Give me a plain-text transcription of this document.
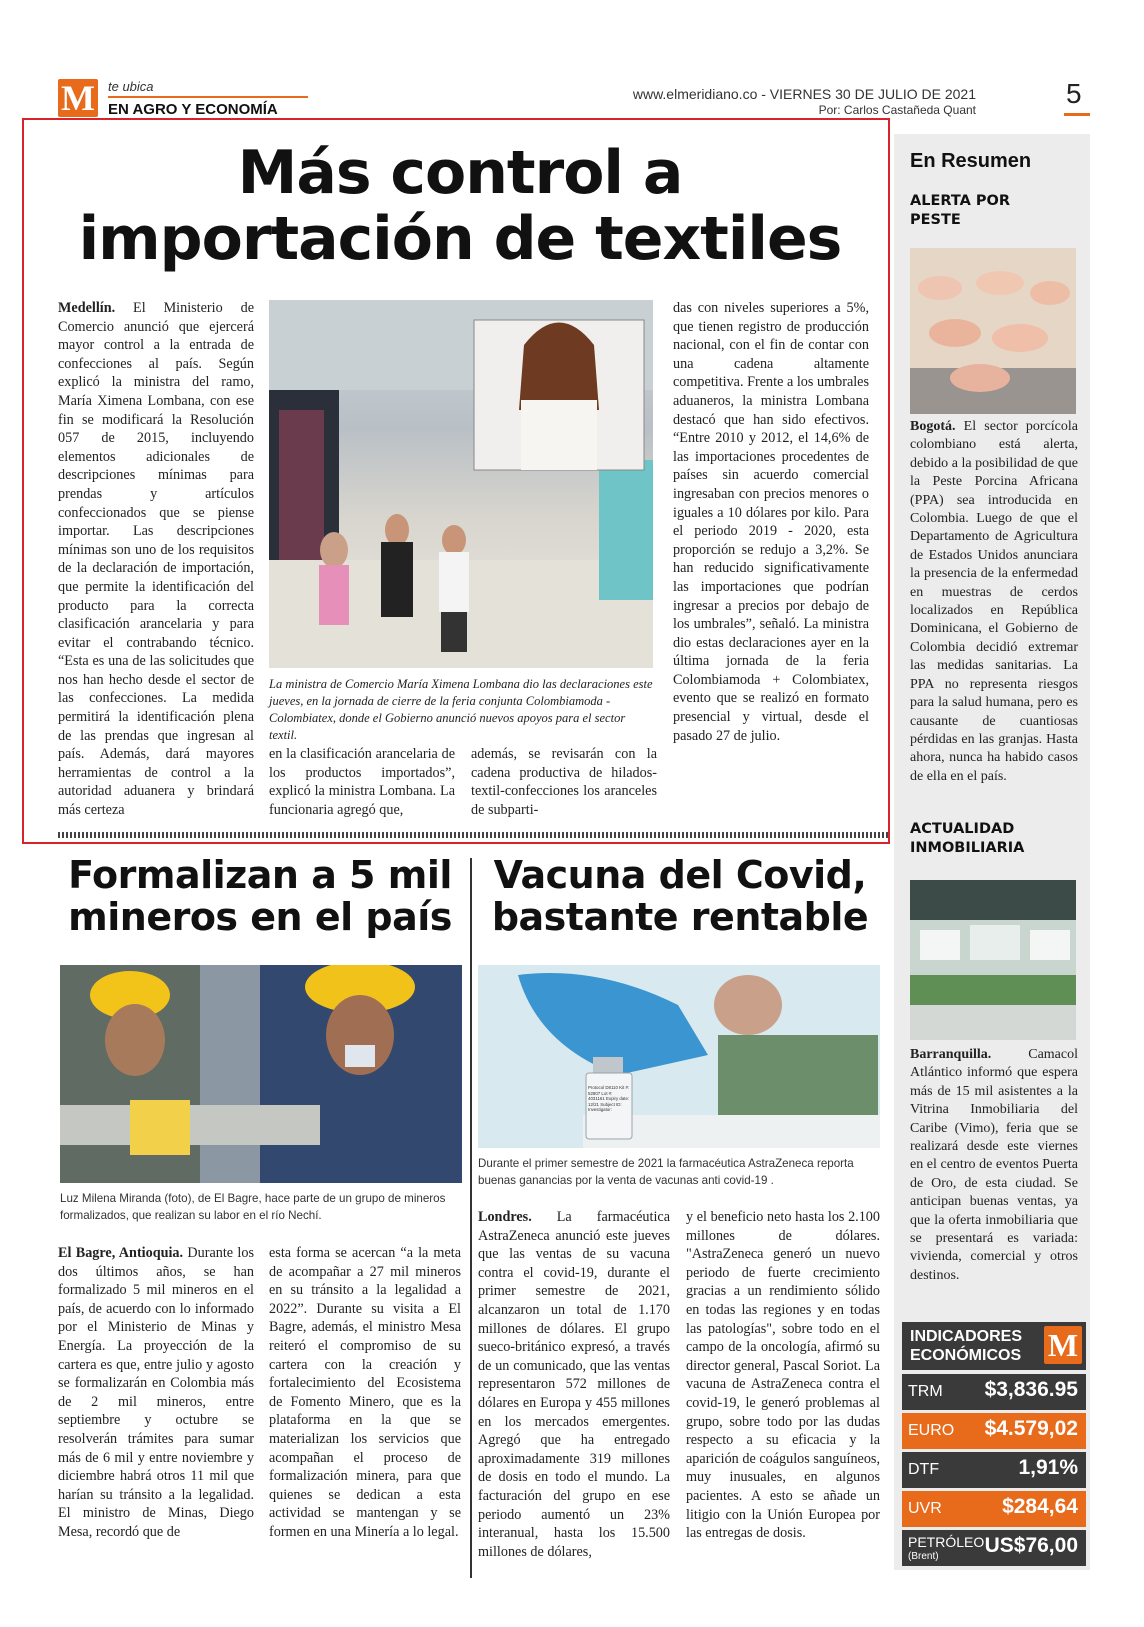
M te ubica
EN AGRO Y ECONOMÍA
www.elmeridiano.co - VIERNES 30 DE JULIO DE 2021
Por: Carlos Castañeda Quant
5
Más control a
importación de textiles
Medellín. El Ministerio de Comercio anunció que ejercerá mayor control a la entrada de confecciones al país. Según explicó la ministra del ramo, María Ximena Lombana, con ese fin se modificará la Resolución 057 de 2015, incluyendo elementos adicionales de descripciones mínimas para prendas y artículos confeccionados que se piense importar. Las descripciones mínimas son uno de los requisitos de la declaración de importación, que permite la identificación del producto para la correcta clasificación arancelaria y para evitar el contrabando técnico. “Esta es una de las solicitudes que nos han hecho desde el sector de las confecciones. La medida permitirá la identificación plena de las prendas que ingresan al país. Además, dará mayores herramientas de control a la autoridad aduanera y brindará más certeza
La ministra de Comercio María Ximena Lombana dio las declaraciones este jueves, en la jornada de cierre de la feria conjunta Colombiamoda - Colombiatex, donde el Gobierno anunció nuevos apoyos para el sector textil.
en la clasificación arancelaria de los productos importados”, explicó la ministra Lombana. La funcionaria agregó que,
además, se revisarán con la cadena productiva de hilados-textil-confecciones los aranceles de subparti-
das con niveles superiores a 5%, que tienen registro de producción nacional, con el fin de contar con una cadena altamente competitiva. Frente a los umbrales aduaneros, la ministra Lombana destacó que han sido efectivos. “Entre 2010 y 2012, el 14,6% de las importaciones procedentes de países sin acuerdo comercial ingresaban con precios menores o iguales a 10 dólares por kilo. Para el periodo 2019 - 2020, esta proporción se redujo a 3,2%. Se han reducido significativamente las importaciones que podrían ingresar a precios por debajo de los umbrales”, señaló. La ministra dio estas declaraciones ayer en la última jornada de la feria Colombiamoda + Colombiatex, evento que se realizó en formato presencial y virtual, desde el pasado 27 de julio.
Formalizan a 5 mil mineros en el país
Luz Milena Miranda (foto), de El Bagre, hace parte de un grupo de mineros formalizados, que realizan su labor en el río Nechí.
El Bagre, Antioquia. Durante los dos últimos años, se han formalizado 5 mil mineros en el país, de acuerdo con lo informado por el Ministerio de Minas y Energía. La proyección de la cartera es que, entre julio y agosto se formalizarán en Colombia más de 2 mil mineros, entre septiembre y octubre se resolverán trámites para sumar más de 6 mil y entre noviembre y diciembre habrá otros 11 mil que harían su tránsito a la legalidad. El ministro de Minas, Diego Mesa, recordó que de
esta forma se acercan “a la meta de acompañar a 27 mil mineros en su tránsito a la legalidad a 2022”. Durante su visita a El Bagre, además, el ministro Mesa reiteró el compromiso de su cartera con la creación y fortalecimiento del Ecosistema de Fomento Minero, que es la plataforma en la que se materializan los servicios que acompañan el proceso de formalización minera, para que quienes se dedican a esta actividad se mantengan y se formen en una Minería a lo legal.
Vacuna del Covid, bastante rentable
Protocol D8110 Kit #: 52807 Lot #: 4031161 Expiry date: 12/21 Subject ID: Investigator:
Durante el primer semestre de 2021 la farmacéutica AstraZeneca reporta buenas ganancias por la venta de vacunas anti covid-19 .
Londres. La farmacéutica AstraZeneca anunció este jueves que las ventas de su vacuna contra el covid-19, durante el primer semestre de 2021, alcanzaron un total de 1.170 millones de dólares. El grupo sueco-británico expresó, a través de un comunicado, que las ventas representaron 572 millones de dólares en Europa y 455 millones en los mercados emergentes. Agregó que ha entregado aproximadamente 319 millones de dosis en todo el mundo. La facturación del grupo en ese periodo aumentó un 23% interanual, hasta los 15.500 millones de dólares,
y el beneficio neto hasta los 2.100 millones de dólares. "AstraZeneca generó un nuevo periodo de fuerte crecimiento gracias a un rendimiento sólido en todas las regiones y en todas las patologías", sobre todo en el campo de la oncología, afirmó su director general, Pascal Soriot. La vacuna de AstraZeneca contra el covid-19, le generó problemas al grupo, sobre todo por las dudas respecto a su eficacia y la aparición de coágulos sanguíneos, muy inusuales, en algunos pacientes. A esto se añade un litigio con la Unión Europea por las entregas de dosis.
En Resumen
ALERTA POR PESTE
Bogotá. El sector porcícola colombiano está alerta, debido a la posibilidad de que la Peste Porcina Africana (PPA) sea introducida en Colombia. Luego de que el Departamento de Agricultura de Estados Unidos anunciara la presencia de la enfermedad en muestras de cerdos localizados en República Dominicana, el Gobierno de Colombia decidió extremar las medidas sanitarias. La PPA no representa riesgos para la salud humana, pero es causante de cuantiosas pérdidas en las granjas. Hasta ahora, nunca ha habido casos de ella en el país.
ACTUALIDAD INMOBILIARIA
Barranquilla. Camacol Atlántico informó que espera más de 15 mil asistentes a la Vitrina Inmobiliaria del Caribe (Vimo), feria que se realizará desde este viernes en el centro de eventos Puerta de Oro, de esta ciudad. Se anticipan buenas ventas, ya que la oferta inmobiliaria que se presentará es variada: vivienda, comercial y otros destinos.
INDICADORES
ECONÓMICOS M
TRM $3,836.95
EURO $4.579,02
DTF	1,91%
UVR	$284,64
PETRÓLEO
(Brent) US$76,00
